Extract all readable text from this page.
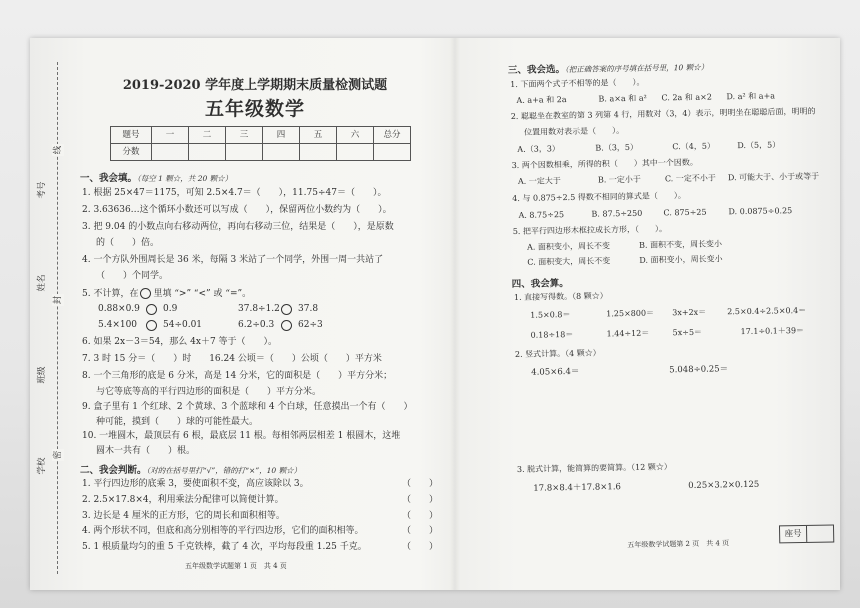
考号
姓名
班级
学校
线
封
密
2019-2020 学年度上学期期末质量检测试题
五年级数学
题号	一	二	三	四	五	六	总分
分数							
一、我会填。（每空 1 颗☆，共 20 颗☆）
1. 根据 25×47＝1175，可知 2.5×4.7＝（　　），11.75÷47＝（　　）。
2. 3.63636…这个循环小数还可以写成（　　），保留两位小数约为（　　）。
3. 把 9.04 的小数点向右移动两位，再向右移动三位，结果是（　　），是原数
的（　　）倍。
4. 一个方队外围周长是 36 米，每隔 3 米站了一个同学，外围一周一共站了
（　　）个同学。
5. 不计算，在 里填 “>” “<” 或 “=”。
0.88×0.9	0.9	37.8÷1.2 37.8
5.4×100	54÷0.01	6.2÷0.3	62÷3
6. 如果 2x－3＝54，那么 4x＋7 等于（　　）。
7. 3 时 15 分＝（　　）时　　16.24 公顷＝（　　）公顷（　　）平方米
8. 一个三角形的底是 6 分米，高是 14 分米，它的面积是（　　）平方分米；
与它等底等高的平行四边形的面积是（　　）平方分米。
9. 盒子里有 1 个红球、2 个黄球、3 个蓝球和 4 个白球，任意摸出一个有（　　）
种可能，摸到（　　）球的可能性最大。
10. 一堆圆木，最顶层有 6 根，最底层 11 根。每相邻两层相差 1 根圆木，这堆
圆木一共有（　　）根。
二、我会判断。（对的在括号里打“√”，错的打“×”，10 颗☆）
1. 平行四边形的底乘 3，要使面积不变，高应该除以 3。	（　　）
2. 2.5×17.8×4，利用乘法分配律可以简便计算。	（　　）
3. 边长是 4 厘米的正方形，它的周长和面积相等。	（　　）
4. 两个形状不同，但底和高分别相等的平行四边形，它们的面积相等。	（　　）
5. 1 根质量均匀的重 5 千克铁棒，截了 4 次，平均每段重 1.25 千克。	（　　）
五年级数学试题第 1 页　共 4 页
三、我会选。（把正确答案的序号填在括号里，10 颗☆）
1. 下面两个式子不相等的是（　　）。
A. a+a 和 2a	B. a×a 和 a² C. 2a 和 a×2 D. a² 和 a+a
2. 聪聪坐在教室的第 3 列第 4 行，用数对（3，4）表示，明明坐在聪聪后面，明明的
位置用数对表示是（　　）。
A.（3，3）	B.（3，5）	C.（4，5）	D.（5，5）
3. 两个因数相乘，所得的积（　　）其中一个因数。
A. 一定大于	B. 一定小于	C. 一定不小于 D. 可能大于、小于或等于
4. 与 0.875÷2.5 得数不相同的算式是（　　）。
A. 8.75÷25	B. 87.5÷250	C. 875÷25	D. 0.0875÷0.25
5. 把平行四边形木框拉成长方形，（　　）。
A. 面积变小，周长不变	B. 面积不变，周长变小
C. 面积变大，周长不变	D. 面积变小，周长变小
四、我会算。
1. 直接写得数。（8 颗☆）
1.5×0.8＝	1.25×800＝ 3x+2x＝	2.5×0.4÷2.5×0.4＝
0.18÷18＝	1.44÷12＝	5x÷5＝	17.1÷0.1＋39＝
2. 竖式计算。（4 颗☆）
4.05×6.4＝	5.048÷0.25＝
3. 脱式计算，能简算的要简算。（12 颗☆）
17.8×8.4＋17.8×1.6	0.25×3.2×0.125
座号
五年级数学试题第 2 页　共 4 页
